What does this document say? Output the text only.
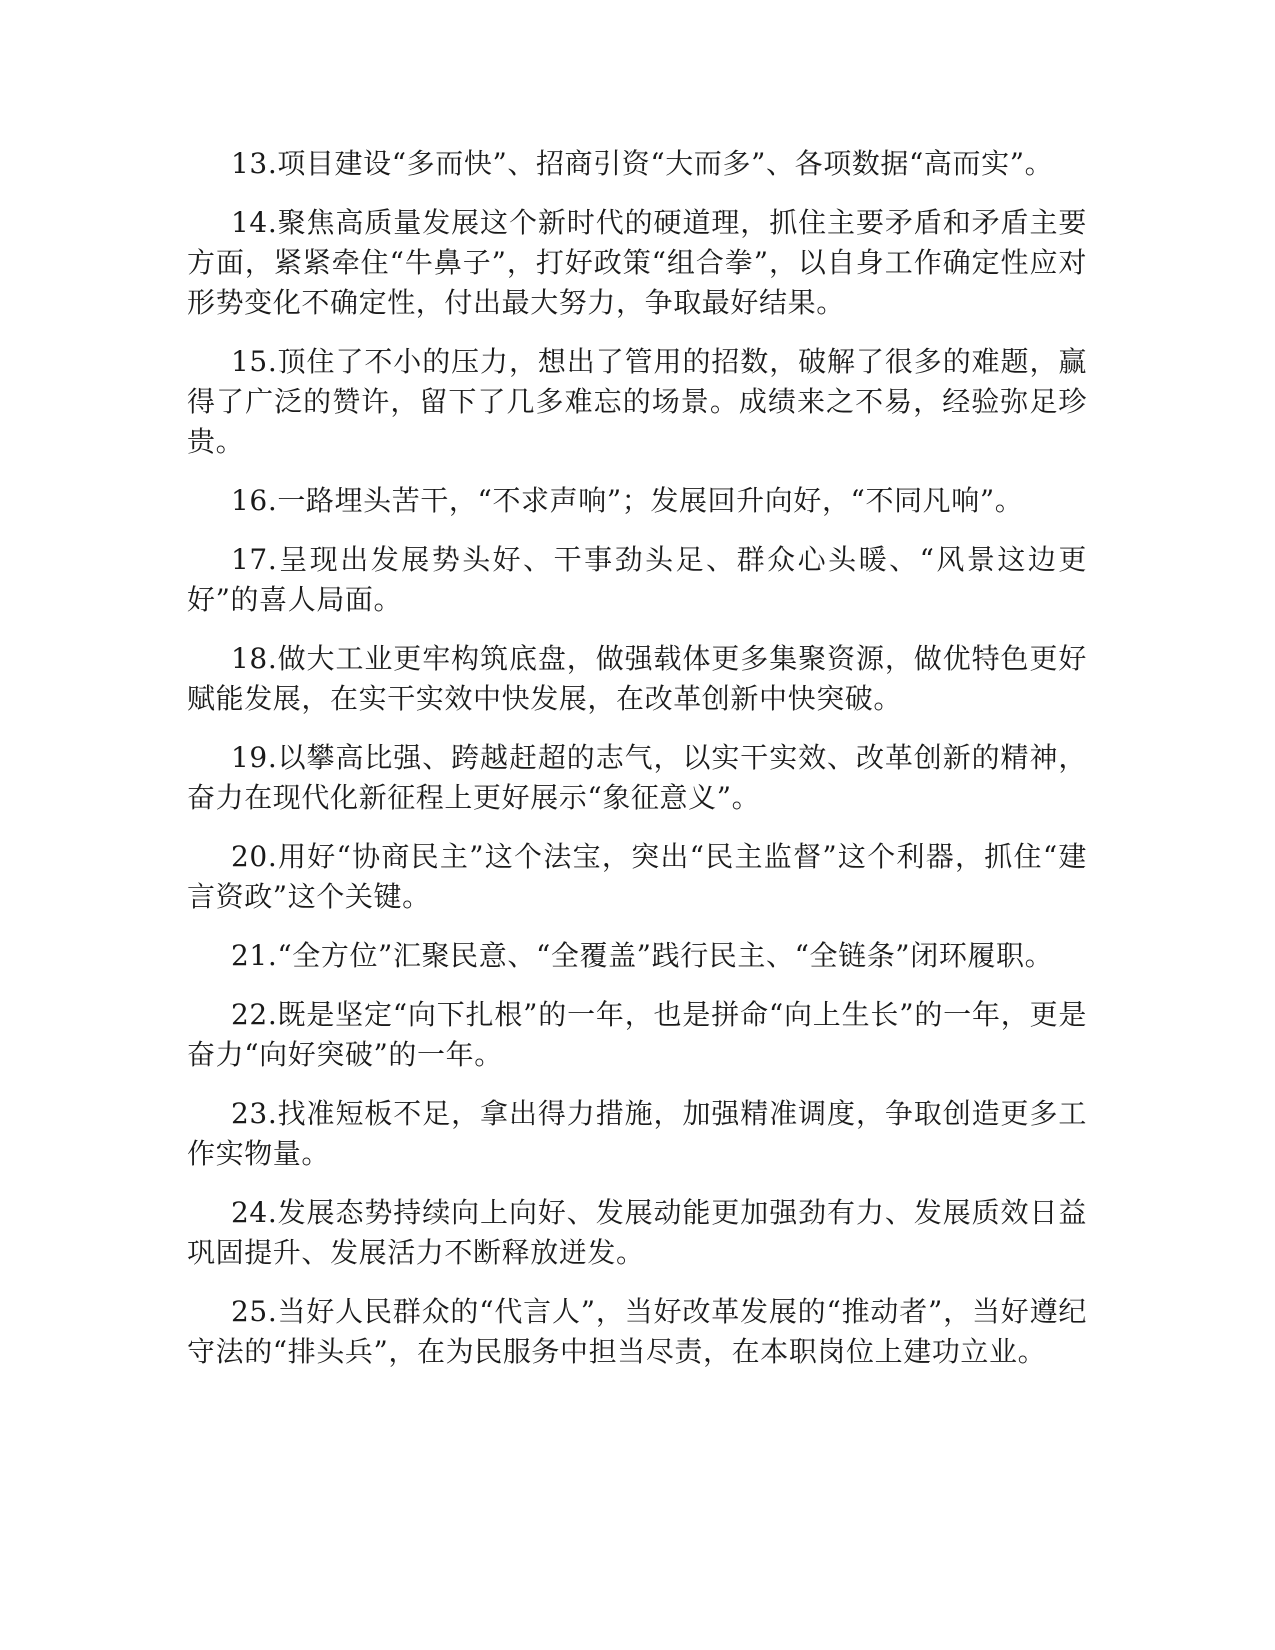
13.项目建设“多而快”、招商引资“大而多”、各项数据“高而实”。

14.聚焦高质量发展这个新时代的硬道理，抓住主要矛盾和矛盾主要方面，紧紧牵住“牛鼻子”，打好政策“组合拳”，以自身工作确定性应对形势变化不确定性，付出最大努力，争取最好结果。

15.顶住了不小的压力，想出了管用的招数，破解了很多的难题，赢得了广泛的赞许，留下了几多难忘的场景。成绩来之不易，经验弥足珍贵。

16.一路埋头苦干，“不求声响”；发展回升向好，“不同凡响”。

17.呈现出发展势头好、干事劲头足、群众心头暖、“风景这边更好”的喜人局面。

18.做大工业更牢构筑底盘，做强载体更多集聚资源，做优特色更好赋能发展，在实干实效中快发展，在改革创新中快突破。

19.以攀高比强、跨越赶超的志气，以实干实效、改革创新的精神，奋力在现代化新征程上更好展示“象征意义”。

20.用好“协商民主”这个法宝，突出“民主监督”这个利器，抓住“建言资政”这个关键。

21.“全方位”汇聚民意、“全覆盖”践行民主、“全链条”闭环履职。

22.既是坚定“向下扎根”的一年，也是拼命“向上生长”的一年，更是奋力“向好突破”的一年。

23.找准短板不足，拿出得力措施，加强精准调度，争取创造更多工作实物量。

24.发展态势持续向上向好、发展动能更加强劲有力、发展质效日益巩固提升、发展活力不断释放迸发。

25.当好人民群众的“代言人”，当好改革发展的“推动者”，当好遵纪守法的“排头兵”，在为民服务中担当尽责，在本职岗位上建功立业。
